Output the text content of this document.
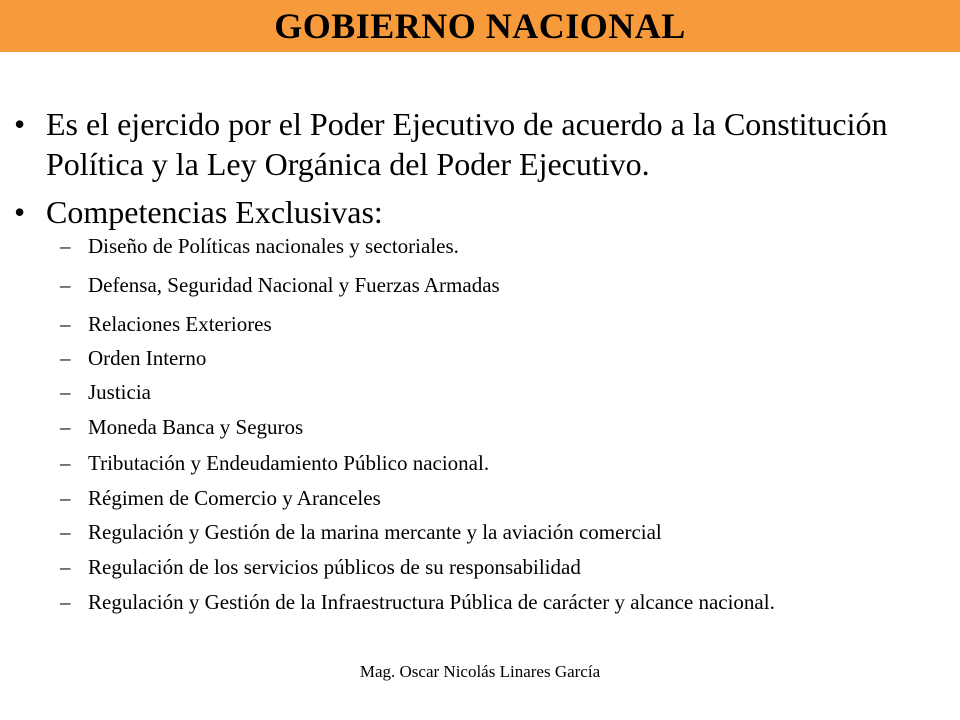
GOBIERNO NACIONAL
• Es el ejercido por el Poder Ejecutivo de acuerdo a la Constitución Política y la Ley Orgánica del Poder Ejecutivo.
• Competencias Exclusivas:
– Diseño de Políticas nacionales y sectoriales.
– Defensa, Seguridad Nacional y Fuerzas Armadas
– Relaciones Exteriores
– Orden Interno
– Justicia
– Moneda Banca y Seguros
– Tributación y Endeudamiento Público nacional.
– Régimen de Comercio y Aranceles
– Regulación y Gestión de la marina mercante y la aviación comercial
– Regulación de los servicios públicos de su responsabilidad
– Regulación y Gestión de la Infraestructura Pública de carácter y alcance nacional.
Mag. Oscar Nicolás Linares García
